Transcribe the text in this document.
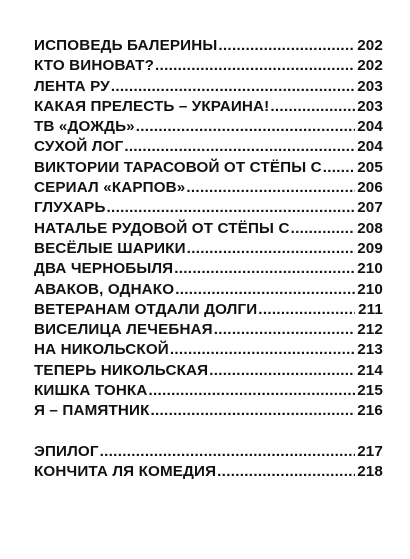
ИСПОВЕДЬ БАЛЕРИНЫ .....	202
КТО ВИНОВАТ? .....	202
ЛЕНТА РУ .....	203
КАКАЯ ПРЕЛЕСТЬ – УКРАИНА! .....	203
ТВ «ДОЖДЬ» .....	204
СУХОЙ ЛОГ .....	204
ВИКТОРИИ ТАРАСОВОЙ ОТ СТЁПЫ С ..... 205
СЕРИАЛ «КАРПОВ» .....	206
ГЛУХАРЬ .....	207
НАТАЛЬЕ РУДОВОЙ ОТ СТЁПЫ С .....	208
ВЕСЁЛЫЕ ШАРИКИ .....	209
ДВА ЧЕРНОБЫЛЯ .....	210
АВАКОВ, ОДНАКО .....	210
ВЕТЕРАНАМ ОТДАЛИ ДОЛГИ .....	211
ВИСЕЛИЦА ЛЕЧЕБНАЯ .....	212
НА НИКОЛЬСКОЙ .....	213
ТЕПЕРЬ НИКОЛЬСКАЯ .....	214
КИШКА ТОНКА .....	215
Я – ПАМЯТНИК .....	216
ЭПИЛОГ .....	217
КОНЧИТА ЛЯ КОМЕДИЯ .....	218
